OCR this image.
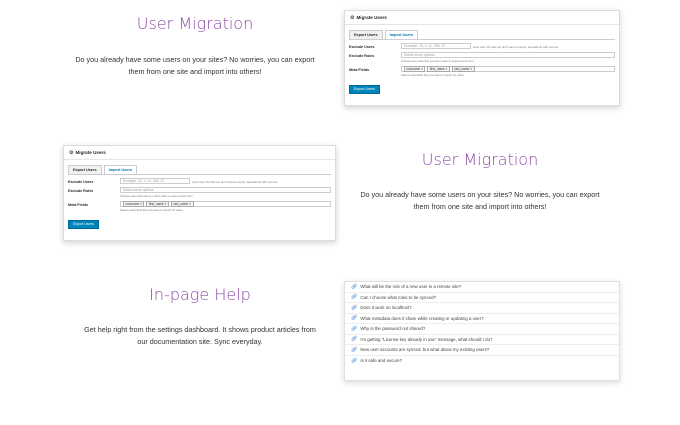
User Migration
Do you already have some users on your sites? No worries, you can export
them from one site and import into others!
⚙ Migrate Users
Export Users	Import Users
Exclude Users	Example: 23, 4, 11, 453, 37	Input user id's that you don't want to export, separate ID with comma
Exclude Roles	Select some options
Choose user roles that you don't want to export users from
Meta Fields	nickname ×	first_name ×	last_name ×
Select meta fields that you want to export for users
Export Users
⚙ Migrate Users
Export Users	Import Users
Exclude Users	Example: 23, 4, 11, 453, 37	Input user id's that you don't want to export, separate ID with comma
Exclude Roles	Select some options
Choose user roles that you don't want to export users from
Meta Fields	nickname ×	first_name ×	last_name ×
Select meta fields that you want to export for users
Export Users
User Migration
Do you already have some users on your sites? No worries, you can export
them from one site and import into others!
In-page Help
Get help right from the settings dashboard. It shows product articles from
our documentation site. Sync everyday.
🔗︎ What will be the role of a new user in a remote site?
🔗︎ Can I choose what roles to be synced?
🔗︎ Does it work on localhost?
🔗︎ What metadata does it share while creating or updating a user?
🔗︎ Why is the password not shared?
🔗︎ I'm getting "License key already in use" message, what should I do?
🔗︎ New user accounts are synced, but what about my existing users?
🔗︎ Is it safe and secure?
